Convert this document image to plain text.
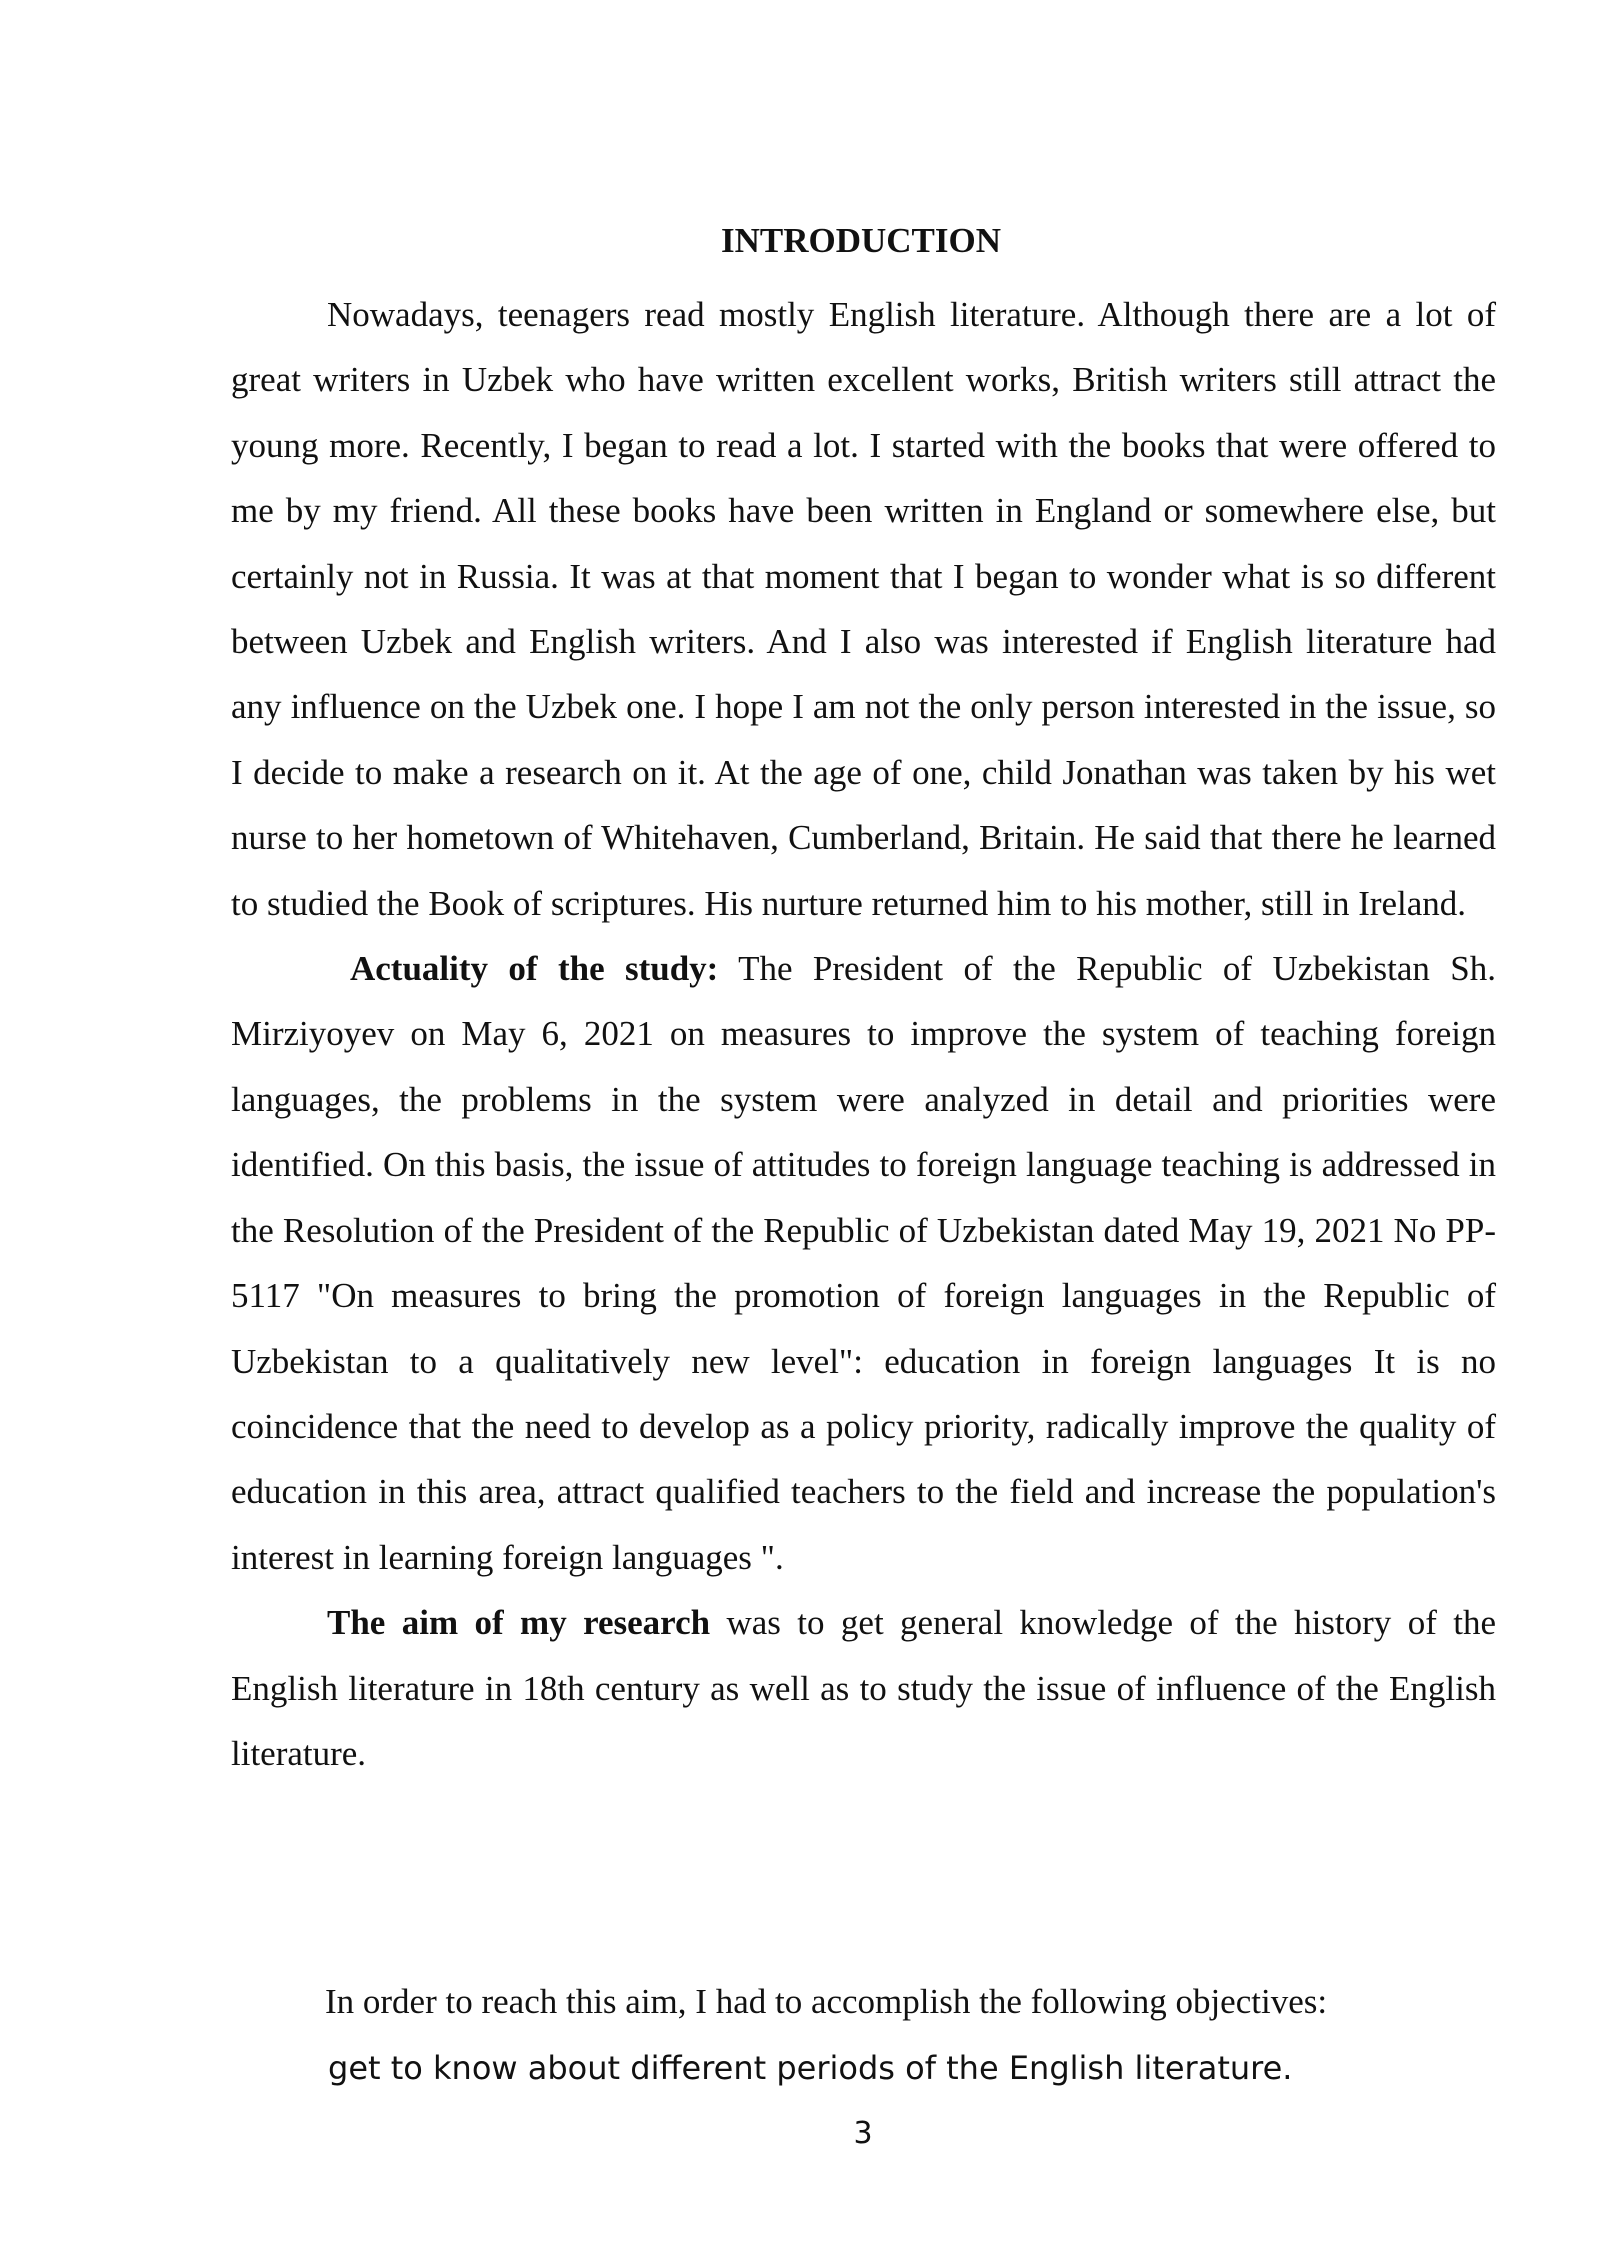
INTRODUCTION

Nowadays, teenagers read mostly English literature. Although there are a lot of great writers in Uzbek who have written excellent works, British writers still attract the young more. Recently, I began to read a lot. I started with the books that were offered to me by my friend. All these books have been written in England or somewhere else, but certainly not in Russia. It was at that moment that I began to wonder what is so different between Uzbek and English writers. And I also was interested if English literature had any influence on the Uzbek one. I hope I am not the only person interested in the issue, so I decide to make a research on it. At the age of one, child Jonathan was taken by his wet nurse to her hometown of Whitehaven, Cumberland, Britain. He said that there he learned to studied the Book of scriptures. His nurture returned him to his mother, still in Ireland.

Actuality of the study: The President of the Republic of Uzbekistan Sh. Mirziyoyev on May 6, 2021 on measures to improve the system of teaching foreign languages, the problems in the system were analyzed in detail and priorities were identified. On this basis, the issue of attitudes to foreign language teaching is addressed in the Resolution of the President of the Republic of Uzbekistan dated May 19, 2021 No PP-5117 "On measures to bring the promotion of foreign languages in the Republic of Uzbekistan to a qualitatively new level": education in foreign languages It is no coincidence that the need to develop as a policy priority, radically improve the quality of education in this area, attract qualified teachers to the field and increase the population's interest in learning foreign languages ".

The aim of my research was to get general knowledge of the history of the English literature in 18th century as well as to study the issue of influence of the English literature.

In order to reach this aim, I had to accomplish the following objectives:
get to know about different periods of the English literature.
3
